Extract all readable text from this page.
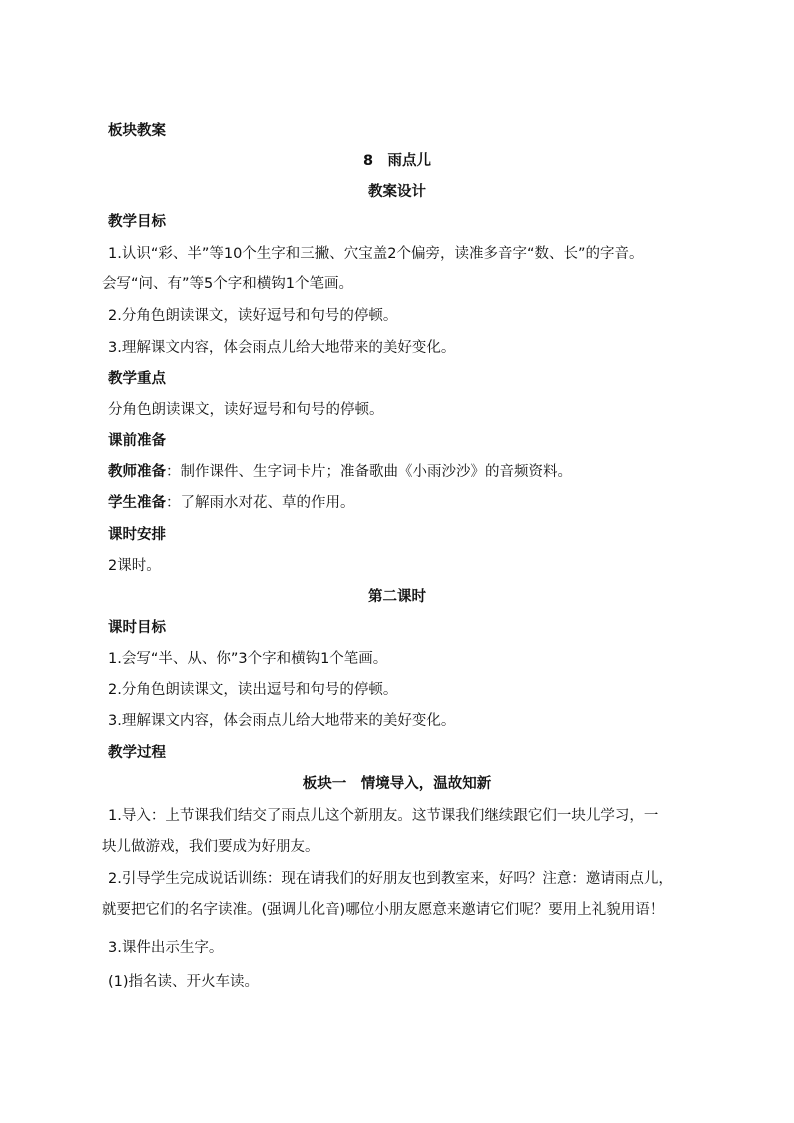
板块教案
8　雨点儿
教案设计
教学目标
1.认识“彩、半”等10个生字和三撇、穴宝盖2个偏旁，读准多音字“数、长”的字音。
会写“问、有”等5个字和横钩1个笔画。
2.分角色朗读课文，读好逗号和句号的停顿。
3.理解课文内容，体会雨点儿给大地带来的美好变化。
教学重点
分角色朗读课文，读好逗号和句号的停顿。
课前准备
教师准备：制作课件、生字词卡片；准备歌曲《小雨沙沙》的音频资料。
学生准备：了解雨水对花、草的作用。
课时安排
2课时。
第二课时
课时目标
1.会写“半、从、你”3个字和横钩1个笔画。
2.分角色朗读课文，读出逗号和句号的停顿。
3.理解课文内容，体会雨点儿给大地带来的美好变化。
教学过程
板块一　情境导入，温故知新
1.导入：上节课我们结交了雨点儿这个新朋友。这节课我们继续跟它们一块儿学习，一
块儿做游戏，我们要成为好朋友。
2.引导学生完成说话训练：现在请我们的好朋友也到教室来，好吗？注意：邀请雨点儿，
就要把它们的名字读准。(强调儿化音)哪位小朋友愿意来邀请它们呢？要用上礼貌用语！
3.课件出示生字。
(1)指名读、开火车读。
